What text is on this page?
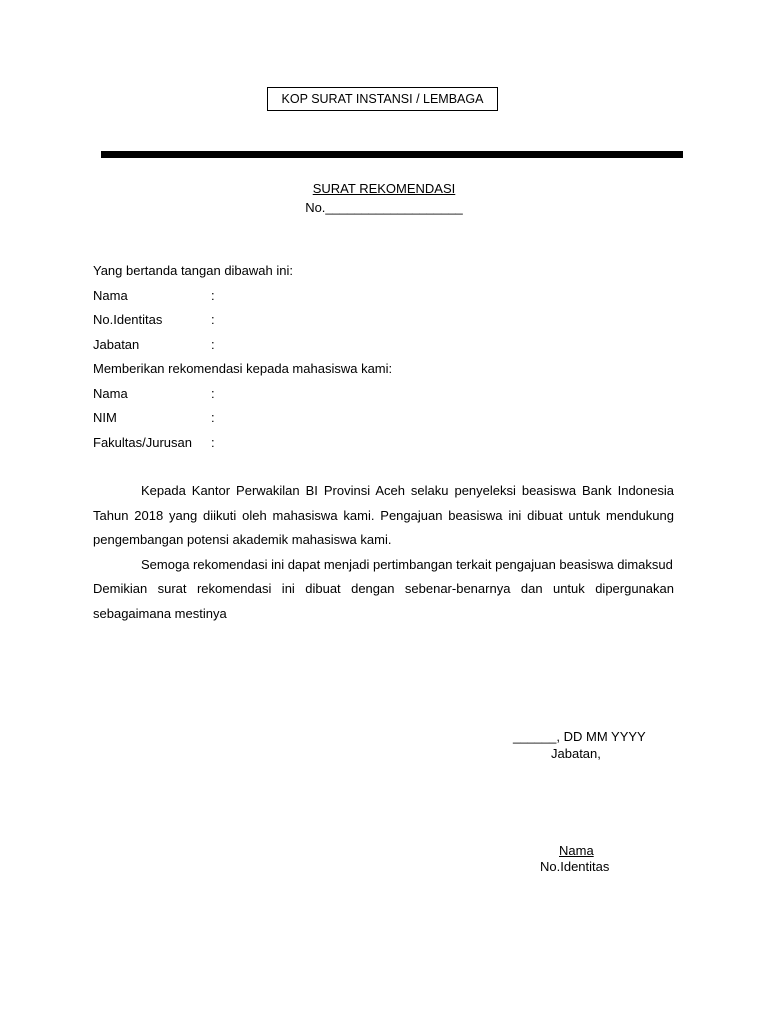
KOP SURAT INSTANSI / LEMBAGA
SURAT REKOMENDASI
No.___________________
Yang bertanda tangan dibawah ini:
Nama	:
No.Identitas	:
Jabatan	:
Memberikan rekomendasi kepada mahasiswa kami:
Nama	:
NIM	:
Fakultas/Jurusan :

Kepada Kantor Perwakilan BI Provinsi Aceh selaku penyeleksi beasiswa Bank Indonesia Tahun 2018 yang diikuti oleh mahasiswa kami. Pengajuan beasiswa ini dibuat untuk mendukung pengembangan potensi akademik mahasiswa kami.

Semoga rekomendasi ini dapat menjadi pertimbangan terkait pengajuan beasiswa dimaksud

Demikian surat rekomendasi ini dibuat dengan sebenar-benarnya dan untuk dipergunakan sebagaimana mestinya

______, DD MM YYYY
Jabatan,
Nama
No.Identitas
